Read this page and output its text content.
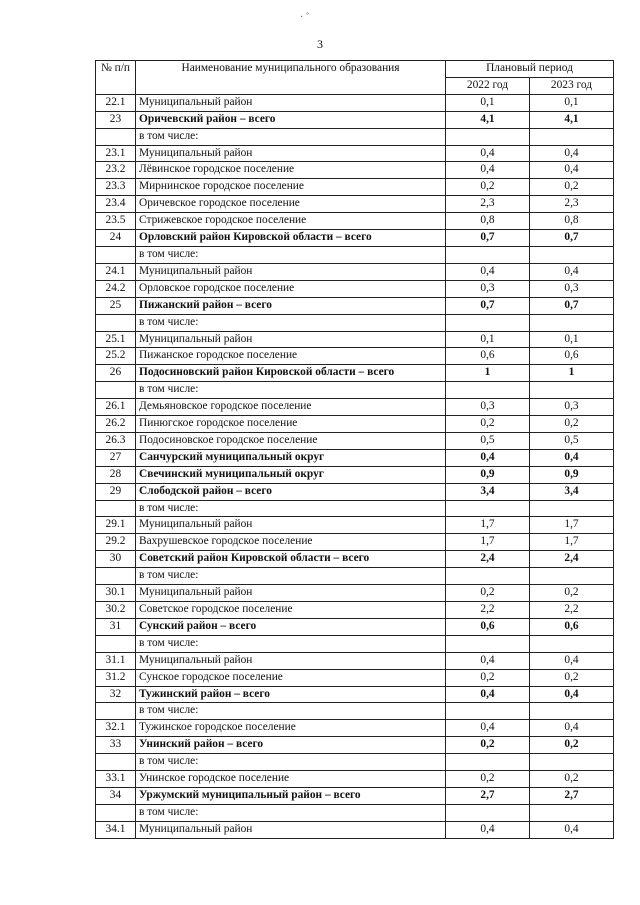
· ˚
3
№ п/п	Наименование муниципального образования	Плановый период	
		2022 год	2023 год
22.1	Муниципальный район	0,1	0,1
23	Оричевский район – всего	4,1	4,1
	в том числе:		
23.1	Муниципальный район	0,4	0,4
23.2	Лёвинское городское поселение	0,4	0,4
23.3	Мирнинское городское поселение	0,2	0,2
23.4	Оричевское городское поселение	2,3	2,3
23.5	Стрижевское городское поселение	0,8	0,8
24	Орловский район Кировской области – всего	0,7	0,7
	в том числе:		
24.1	Муниципальный район	0,4	0,4
24.2	Орловское городское поселение	0,3	0,3
25	Пижанский район – всего	0,7	0,7
	в том числе:		
25.1	Муниципальный район	0,1	0,1
25.2	Пижанское городское поселение	0,6	0,6
26	Подосиновский район Кировской области – всего	1	1
	в том числе:		
26.1	Демьяновское городское поселение	0,3	0,3
26.2	Пинюгское городское поселение	0,2	0,2
26.3	Подосиновское городское поселение	0,5	0,5
27	Санчурский муниципальный округ	0,4	0,4
28	Свечинский муниципальный округ	0,9	0,9
29	Слободской район – всего	3,4	3,4
	в том числе:		
29.1	Муниципальный район	1,7	1,7
29.2	Вахрушевское городское поселение	1,7	1,7
30	Советский район Кировской области – всего	2,4	2,4
	в том числе:		
30.1	Муниципальный район	0,2	0,2
30.2	Советское городское поселение	2,2	2,2
31	Сунский район – всего	0,6	0,6
	в том числе:		
31.1	Муниципальный район	0,4	0,4
31.2	Сунское городское поселение	0,2	0,2
32	Тужинский район – всего	0,4	0,4
	в том числе:		
32.1	Тужинское городское поселение	0,4	0,4
33	Унинский район – всего	0,2	0,2
	в том числе:		
33.1	Унинское городское поселение	0,2	0,2
34	Уржумский муниципальный район – всего	2,7	2,7
	в том числе:		
34.1	Муниципальный район	0,4	0,4
